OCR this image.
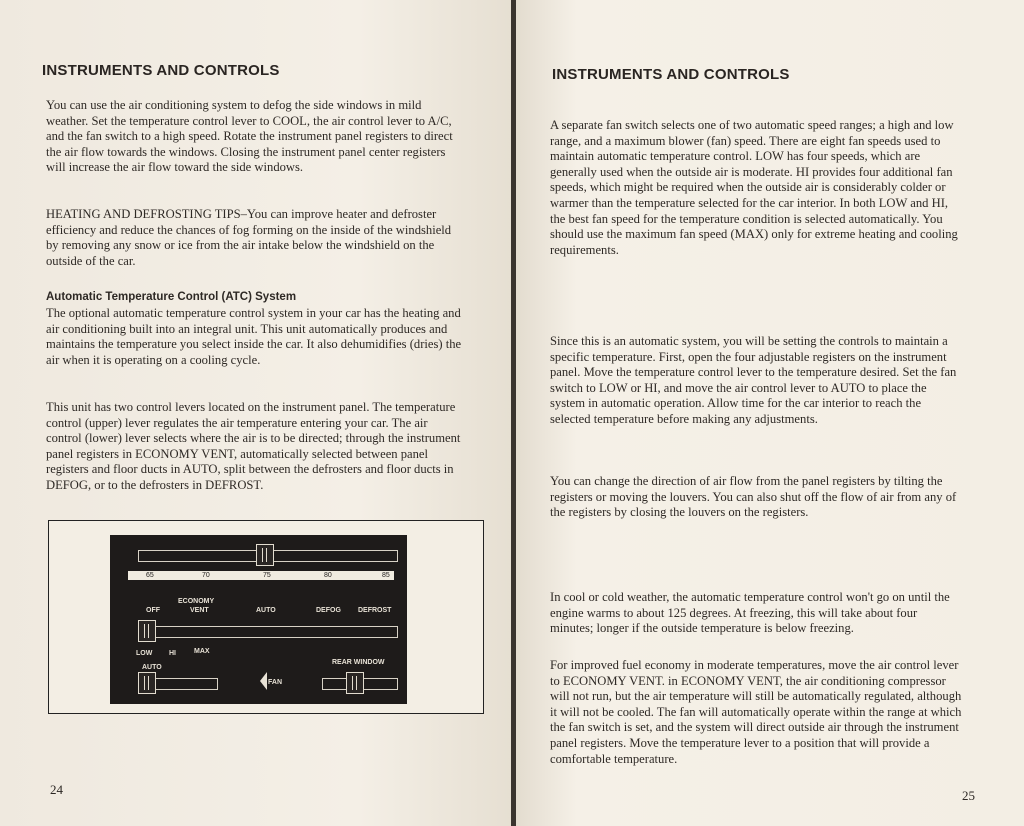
INSTRUMENTS AND CONTROLS

You can use the air conditioning system to defog the side windows in mild weather. Set the temperature control lever to COOL, the air control lever to A/C, and the fan switch to a high speed. Rotate the instrument panel registers to direct the air flow towards the windows. Closing the instrument panel center registers will increase the air flow toward the side windows.

HEATING AND DEFROSTING TIPS–You can improve heater and defroster efficiency and reduce the chances of fog forming on the inside of the windshield by removing any snow or ice from the air intake below the windshield on the outside of the car.

Automatic Temperature Control (ATC) System

The optional automatic temperature control system in your car has the heating and air conditioning built into an integral unit. This unit automatically produces and maintains the temperature you select inside the car. It also dehumidifies (dries) the air when it is operating on a cooling cycle.

This unit has two control levers located on the instrument panel. The temperature control (upper) lever regulates the air temperature entering your car. The air control (lower) lever selects where the air is to be directed; through the instrument panel registers in ECONOMY VENT, automatically selected between panel registers and floor ducts in AUTO, split between the defrosters and floor ducts in DEFOG, or to the defrosters in DEFROST.

24
INSTRUMENTS AND CONTROLS

A separate fan switch selects one of two automatic speed ranges; a high and low range, and a maximum blower (fan) speed. There are eight fan speeds used to maintain automatic temperature control. LOW has four speeds, which are generally used when the outside air is moderate. HI provides four additional fan speeds, which might be required when the outside air is considerably colder or warmer than the temperature selected for the car interior. In both LOW and HI, the best fan speed for the temperature condition is selected automatically. You should use the maximum fan speed (MAX) only for extreme heating and cooling requirements.

Since this is an automatic system, you will be setting the controls to maintain a specific temperature. First, open the four adjustable registers on the instrument panel. Move the temperature control lever to the temperature desired. Set the fan switch to LOW or HI, and move the air control lever to AUTO to place the system in automatic operation. Allow time for the car interior to reach the selected temperature before making any adjustments.

You can change the direction of air flow from the panel registers by tilting the registers or moving the louvers. You can also shut off the flow of air from any of the registers by closing the louvers on the registers.

In cool or cold weather, the automatic temperature control won't go on until the engine warms to about 125 degrees. At freezing, this will take about four minutes; longer if the outside temperature is below freezing.

For improved fuel economy in moderate temperatures, move the air control lever to ECONOMY VENT. in ECONOMY VENT, the air conditioning compressor will not run, but the air temperature will still be automatically regulated, although it will not be cooled. The fan will automatically operate within the range at which the fan switch is set, and the system will direct outside air through the instrument panel registers. Move the temperature lever to a position that will provide a comfortable temperature.

25
65	70	75	80	85
OFF
ECONOMY
VENT	AUTO	DEFOG DEFROST
LOW HI	MAX
AUTO
REAR WINDOW
FAN
